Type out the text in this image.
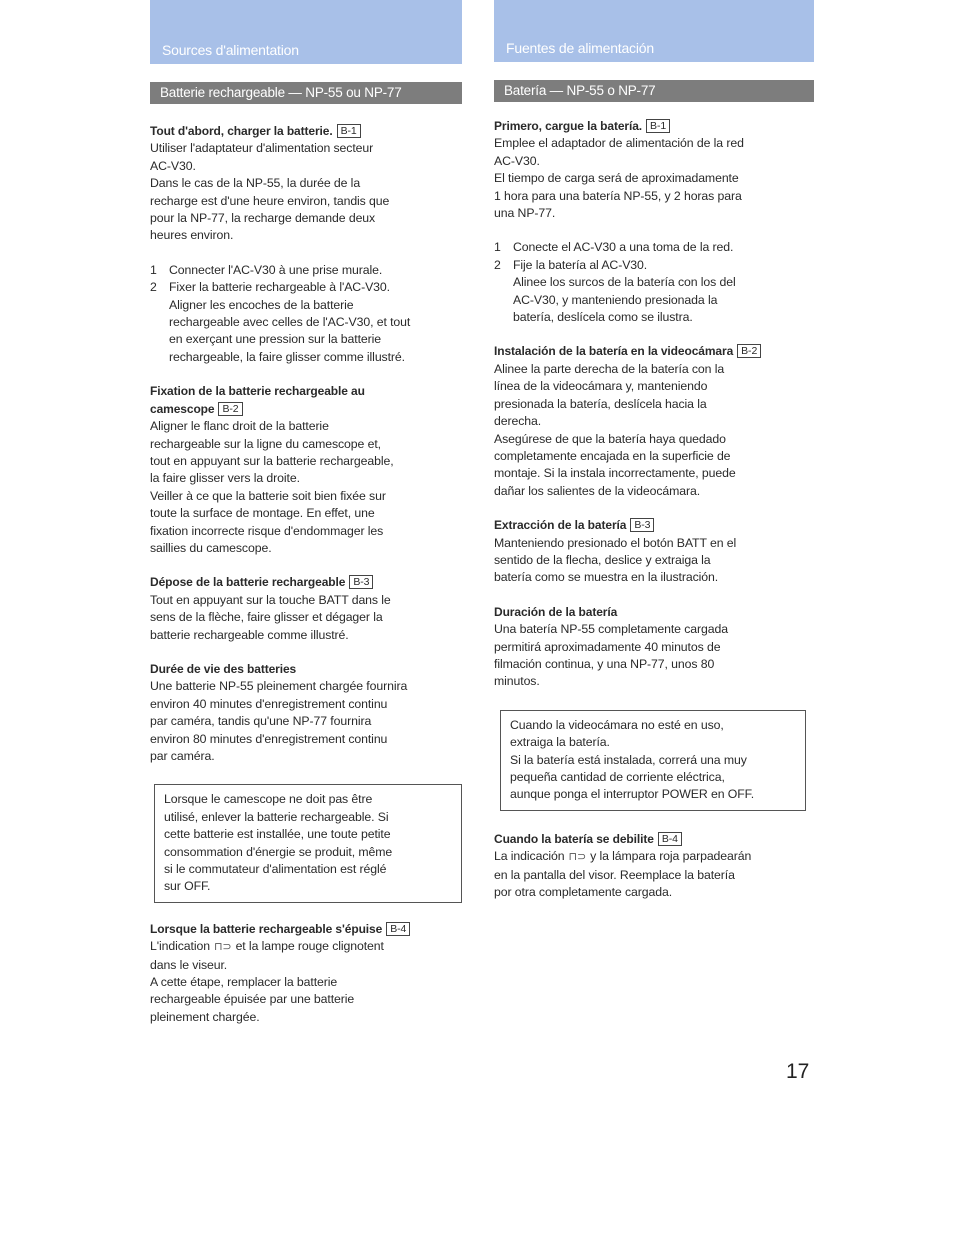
Sources d'alimentation
Batterie rechargeable — NP-55 ou NP-77

Tout d'abord, charger la batterie. B-1

Utiliser l'adaptateur d'alimentation secteur

AC-V30.

Dans le cas de la NP-55, la durée de la

recharge est d'une heure environ, tandis que

pour la NP-77, la recharge demande deux

heures environ.

1 Connecter l'AC-V30 à une prise murale.

2 Fixer la batterie rechargeable à l'AC-V30.

Aligner les encoches de la batterie

rechargeable avec celles de l'AC-V30, et tout

en exerçant une pression sur la batterie

rechargeable, la faire glisser comme illustré.

Fixation de la batterie rechargeable au

camescope B-2

Aligner le flanc droit de la batterie

rechargeable sur la ligne du camescope et,

tout en appuyant sur la batterie rechargeable,

la faire glisser vers la droite.

Veiller à ce que la batterie soit bien fixée sur

toute la surface de montage. En effet, une

fixation incorrecte risque d'endommager les

saillies du camescope.

Dépose de la batterie rechargeable B-3

Tout en appuyant sur la touche BATT dans le

sens de la flèche, faire glisser et dégager la

batterie rechargeable comme illustré.

Durée de vie des batteries

Une batterie NP-55 pleinement chargée fournira

environ 40 minutes d'enregistrement continu

par caméra, tandis qu'une NP-77 fournira

environ 80 minutes d'enregistrement continu

par caméra.

Lorsque le camescope ne doit pas être

utilisé, enlever la batterie rechargeable. Si

cette batterie est installée, une toute petite

consommation d'énergie se produit, même

si le commutateur d'alimentation est réglé

sur OFF.

Lorsque la batterie rechargeable s'épuise B-4

L'indication ⊓⊃ et la lampe rouge clignotent

dans le viseur.

A cette étape, remplacer la batterie

rechargeable épuisée par une batterie

pleinement chargée.

Fuentes de alimentación
Batería — NP-55 o NP-77

Primero, cargue la batería. B-1

Emplee el adaptador de alimentación de la red

AC-V30.

El tiempo de carga será de aproximadamente

1 hora para una batería NP-55, y 2 horas para

una NP-77.

1 Conecte el AC-V30 a una toma de la red.

2 Fije la batería al AC-V30.

Alinee los surcos de la batería con los del

AC-V30, y manteniendo presionada la

batería, deslícela como se ilustra.

Instalación de la batería en la videocámara B-2

Alinee la parte derecha de la batería con la

línea de la videocámara y, manteniendo

presionada la batería, deslícela hacia la

derecha.

Asegúrese de que la batería haya quedado

completamente encajada en la superficie de

montaje. Si la instala incorrectamente, puede

dañar los salientes de la videocámara.

Extracción de la batería B-3

Manteniendo presionado el botón BATT en el

sentido de la flecha, deslice y extraiga la

batería como se muestra en la ilustración.

Duración de la batería

Una batería NP-55 completamente cargada

permitirá aproximadamente 40 minutos de

filmación continua, y una NP-77, unos 80

minutos.

Cuando la videocámara no esté en uso,

extraiga la batería.

Si la batería está instalada, correrá una muy

pequeña cantidad de corriente eléctrica,

aunque ponga el interruptor POWER en OFF.

Cuando la batería se debilite B-4

La indicación ⊓⊃ y la lámpara roja parpadearán

en la pantalla del visor. Reemplace la batería

por otra completamente cargada.

17
